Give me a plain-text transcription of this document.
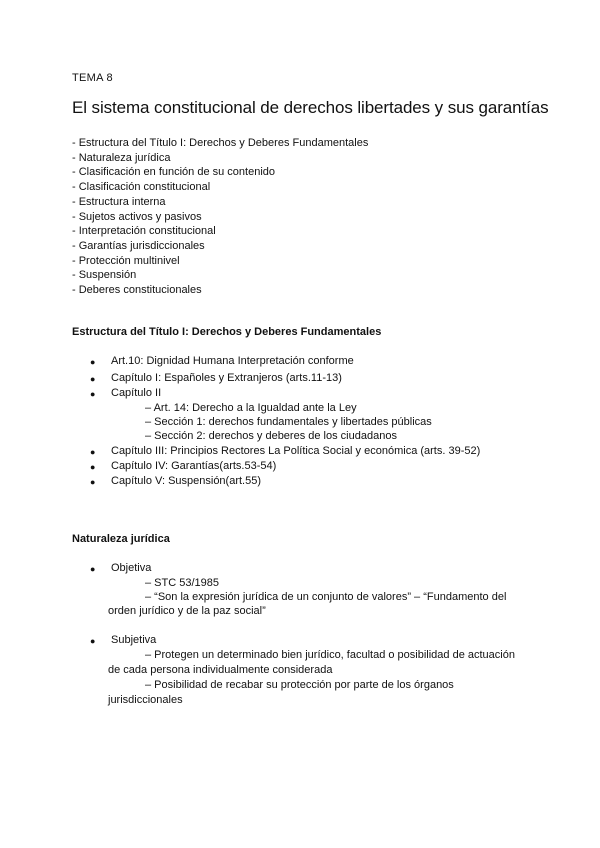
TEMA 8
El sistema constitucional de derechos libertades y sus garantías
- Estructura del Título I: Derechos y Deberes Fundamentales
- Naturaleza jurídica
- Clasificación en función de su contenido
- Clasificación constitucional
- Estructura interna
- Sujetos activos y pasivos
- Interpretación constitucional
- Garantías jurisdiccionales
- Protección multinivel
- Suspensión
- Deberes constitucionales
Estructura del Título I: Derechos y Deberes Fundamentales
● Art.10: Dignidad Humana Interpretación conforme
● Capítulo I: Españoles y Extranjeros (arts.11-13)
● Capítulo II
– Art. 14: Derecho a la Igualdad ante la Ley
– Sección 1: derechos fundamentales y libertades públicas
– Sección 2: derechos y deberes de los ciudadanos
● Capítulo III: Principios Rectores La Política Social y económica (arts. 39-52)
● Capítulo IV: Garantías(arts.53-54)
● Capítulo V: Suspensión(art.55)
Naturaleza jurídica
● Objetiva
– STC 53/1985
– “Son la expresión jurídica de un conjunto de valores” – “Fundamento del
orden jurídico y de la paz social”
● Subjetiva
– Protegen un determinado bien jurídico, facultad o posibilidad de actuación
de cada persona individualmente considerada
– Posibilidad de recabar su protección por parte de los órganos
jurisdiccionales
